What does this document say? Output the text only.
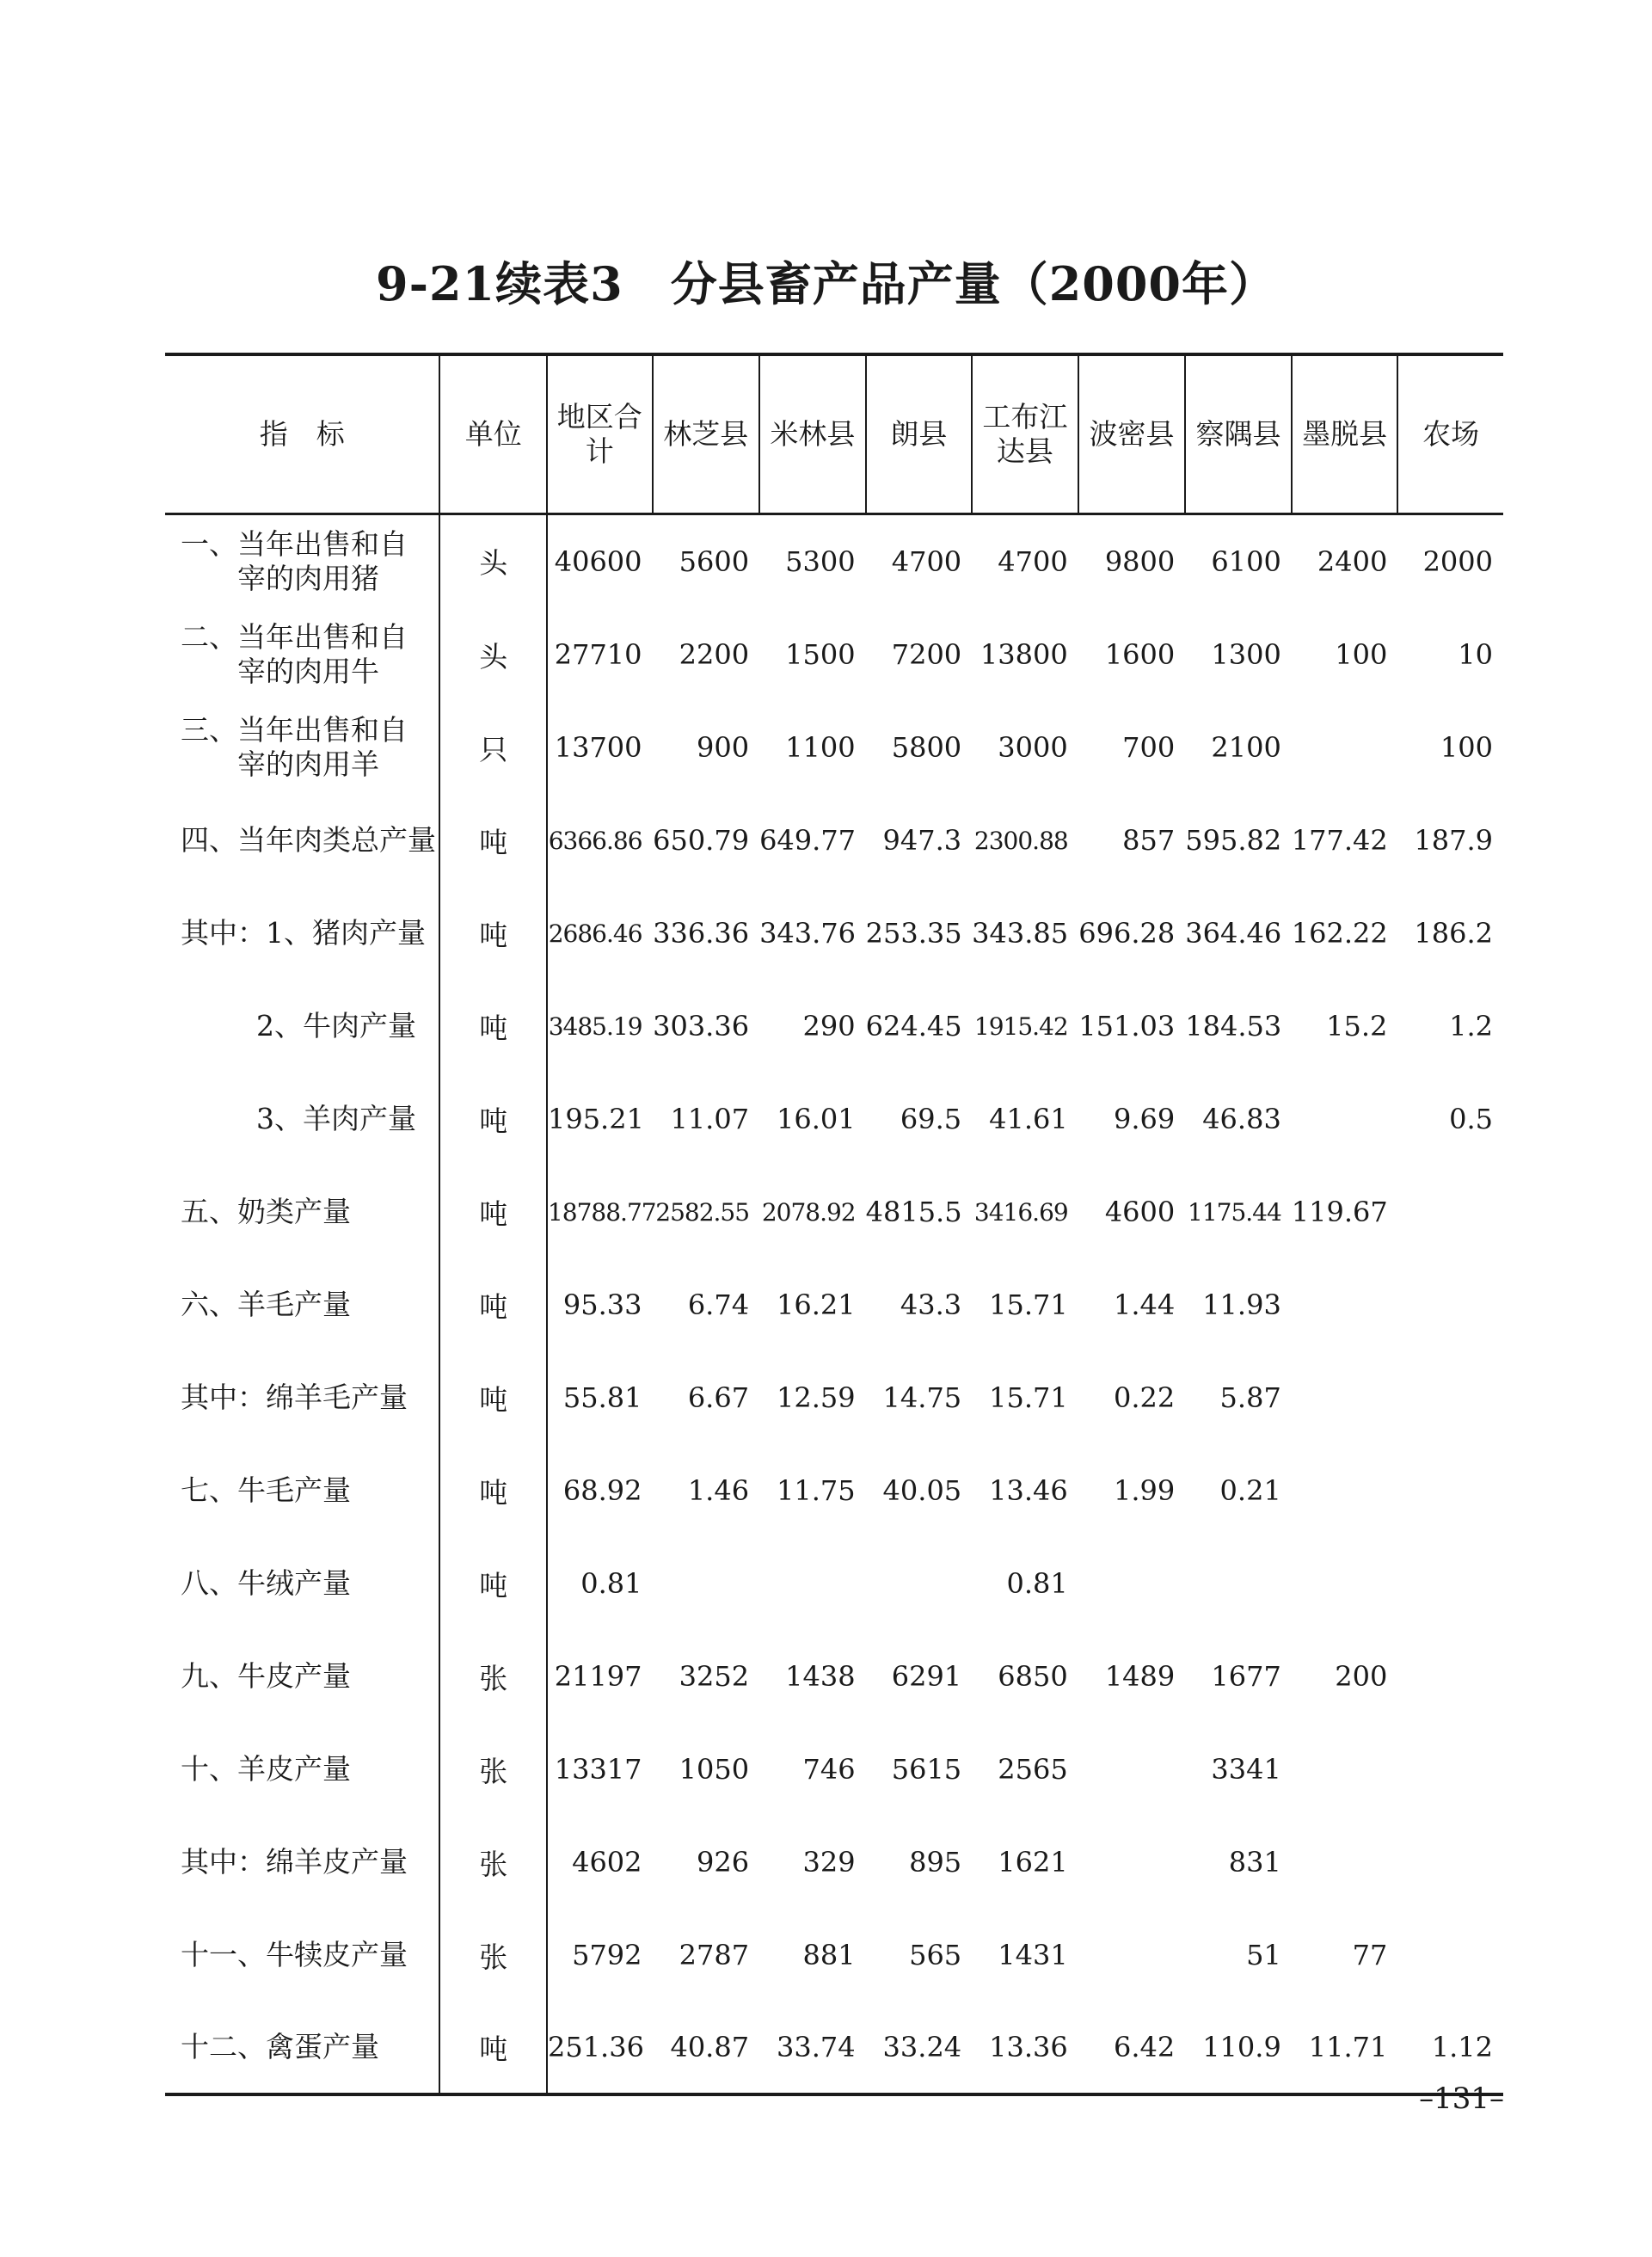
9-21续表3　分县畜产品产量（2000年）
指　标	单位	地区合计	林芝县	米林县	朗县	工布江达县	波密县	察隅县	墨脱县	农场
一、当年出售和自
宰的肉用猪	头	40600	5600	5300	4700	4700	9800	6100	2400	2000
二、当年出售和自
宰的肉用牛	头	27710	2200	1500	7200	13800	1600	1300	100	10
三、当年出售和自
宰的肉用羊	只	13700	900	1100	5800	3000	700	2100		100
四、当年肉类总产量	吨	6366.86	650.79	649.77	947.3	2300.88	857	595.82	177.42	187.9
其中：1、猪肉产量	吨	2686.46	336.36	343.76	253.35	343.85	696.28	364.46	162.22	186.2
2、牛肉产量	吨	3485.19	303.36	290	624.45	1915.42	151.03	184.53	15.2	1.2
3、羊肉产量	吨	195.21	11.07	16.01	69.5	41.61	9.69	46.83		0.5
五、奶类产量	吨	18788.77	2582.55	2078.92	4815.5	3416.69	4600	1175.44	119.67	
六、羊毛产量	吨	95.33	6.74	16.21	43.3	15.71	1.44	11.93		
其中：绵羊毛产量	吨	55.81	6.67	12.59	14.75	15.71	0.22	5.87		
七、牛毛产量	吨	68.92	1.46	11.75	40.05	13.46	1.99	0.21		
八、牛绒产量	吨	0.81				0.81				
九、牛皮产量	张	21197	3252	1438	6291	6850	1489	1677	200	
十、羊皮产量	张	13317	1050	746	5615	2565		3341		
其中：绵羊皮产量	张	4602	926	329	895	1621		831		
十一、牛犊皮产量	张	5792	2787	881	565	1431		51	77	
十二、禽蛋产量	吨	251.36	40.87	33.74	33.24	13.36	6.42	110.9	11.71	1.12
–131–
